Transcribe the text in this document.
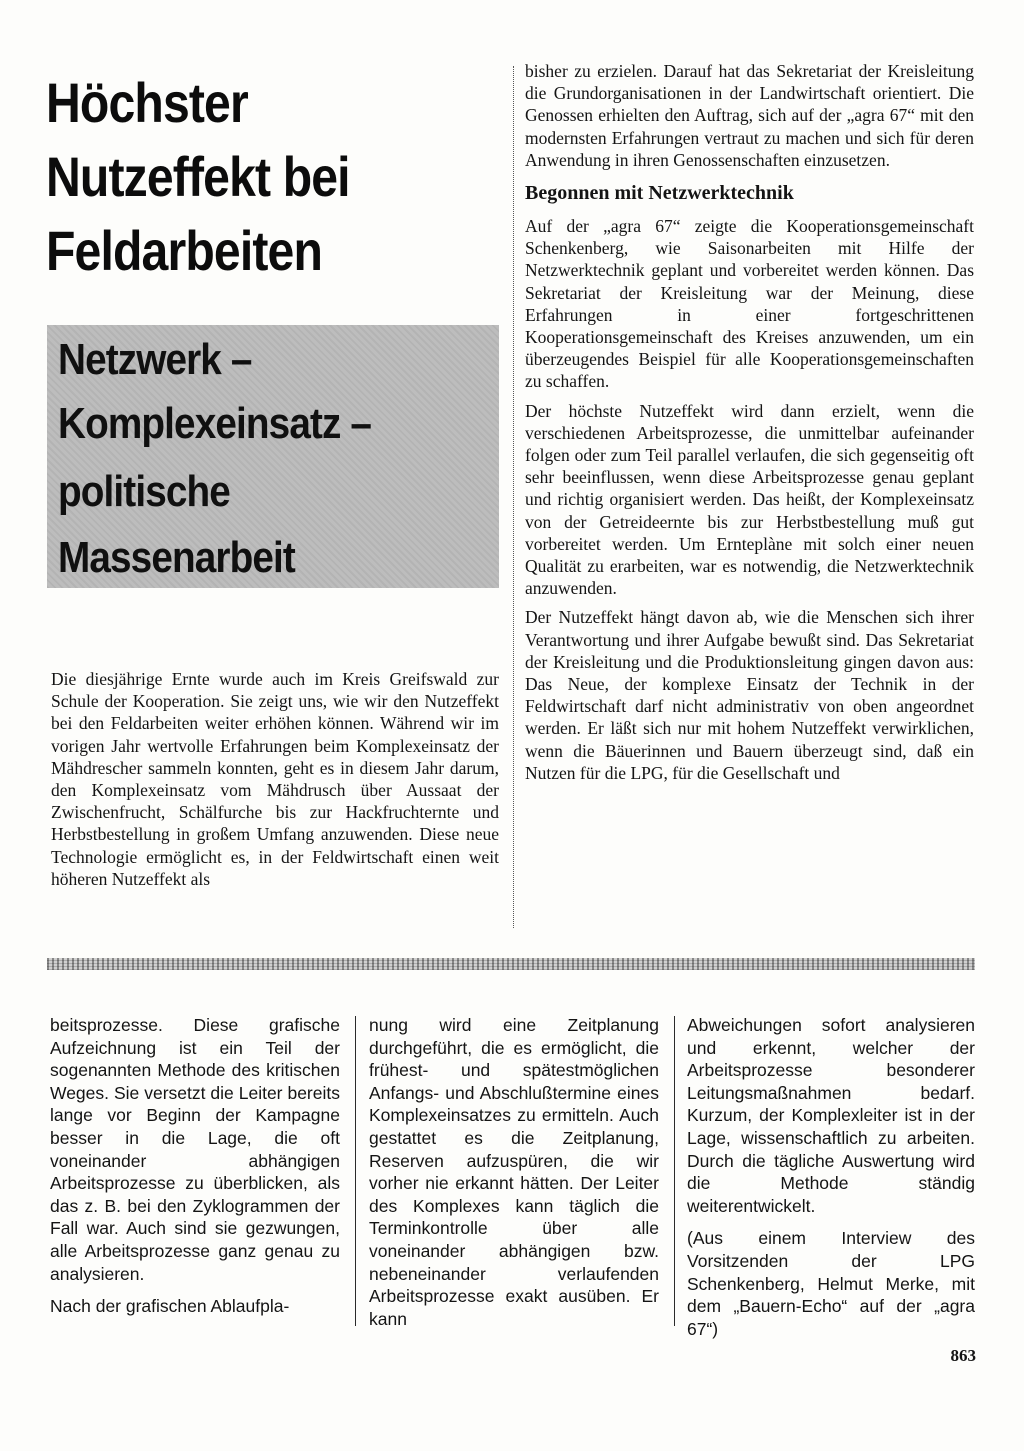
Höchster
Nutzeffekt bei
Feldarbeiten
Netzwerk –
Komplexeinsatz –
politische
Massenarbeit

Die diesjährige Ernte wurde auch im Kreis Greifswald zur Schule der Kooperation. Sie zeigt uns, wie wir den Nutzeffekt bei den Feldarbeiten weiter erhöhen können. Während wir im vorigen Jahr wertvolle Erfahrungen beim Komplexeinsatz der Mähdrescher sammeln konnten, geht es in diesem Jahr darum, den Komplexeinsatz vom Mähdrusch über Aussaat der Zwischenfrucht, Schälfurche bis zur Hackfruchternte und Herbstbestellung in großem Umfang anzuwenden. Diese neue Technologie ermöglicht es, in der Feldwirtschaft einen weit höheren Nutzeffekt als

bisher zu erzielen. Darauf hat das Sekretariat der Kreisleitung die Grundorganisationen in der Landwirtschaft orientiert. Die Genossen erhielten den Auftrag, sich auf der „agra 67“ mit den modernsten Erfahrungen vertraut zu machen und sich für deren Anwendung in ihren Genossenschaften einzusetzen.

Begonnen mit Netzwerktechnik

Auf der „agra 67“ zeigte die Kooperationsgemeinschaft Schenkenberg, wie Saisonarbeiten mit Hilfe der Netzwerktechnik geplant und vorbereitet werden können. Das Sekretariat der Kreisleitung war der Meinung, diese Erfahrungen in einer fortgeschrittenen Kooperationsgemeinschaft des Kreises anzuwenden, um ein überzeugendes Beispiel für alle Kooperationsgemeinschaften zu schaffen.

Der höchste Nutzeffekt wird dann erzielt, wenn die verschiedenen Arbeitsprozesse, die unmittelbar aufeinander folgen oder zum Teil parallel verlaufen, die sich gegenseitig oft sehr beeinflussen, wenn diese Arbeitsprozesse genau geplant und richtig organisiert werden. Das heißt, der Komplexeinsatz von der Getreideernte bis zur Herbstbestellung muß gut vorbereitet werden. Um Ernteplàne mit solch einer neuen Qualität zu erarbeiten, war es notwendig, die Netzwerktechnik anzuwenden.

Der Nutzeffekt hängt davon ab, wie die Menschen sich ihrer Verantwortung und ihrer Aufgabe bewußt sind. Das Sekretariat der Kreisleitung und die Produktionsleitung gingen davon aus: Das Neue, der komplexe Einsatz der Technik in der Feldwirtschaft darf nicht administrativ von oben angeordnet werden. Er läßt sich nur mit hohem Nutzeffekt verwirklichen, wenn die Bäuerinnen und Bauern überzeugt sind, daß ein Nutzen für die LPG, für die Gesellschaft und

beitsprozesse. Diese grafische Aufzeichnung ist ein Teil der sogenannten Methode des kritischen Weges. Sie versetzt die Leiter bereits lange vor Beginn der Kampagne besser in die Lage, die oft voneinander abhängigen Arbeitsprozesse zu überblicken, als das z. B. bei den Zyklogrammen der Fall war. Auch sind sie gezwungen, alle Arbeitsprozesse ganz genau zu analysieren.

Nach der grafischen Ablaufpla-

nung wird eine Zeitplanung durchgeführt, die es ermöglicht, die frühest- und spätestmöglichen Anfangs- und Abschlußtermine eines Komplexeinsatzes zu ermitteln. Auch gestattet es die Zeitplanung, Reserven aufzuspüren, die wir vorher nie erkannt hätten. Der Leiter des Komplexes kann täglich die Terminkontrolle über alle voneinander abhängigen bzw. nebeneinander verlaufenden Arbeitsprozesse exakt ausüben. Er kann

Abweichungen sofort analysieren und erkennt, welcher der Arbeitsprozesse besonderer Leitungsmaßnahmen bedarf. Kurzum, der Komplexleiter ist in der Lage, wissenschaftlich zu arbeiten. Durch die tägliche Auswertung wird die Methode ständig weiterentwickelt.

(Aus einem Interview des Vorsitzenden der LPG Schenkenberg, Helmut Merke, mit dem „Bauern-Echo“ auf der „agra 67“)

863
